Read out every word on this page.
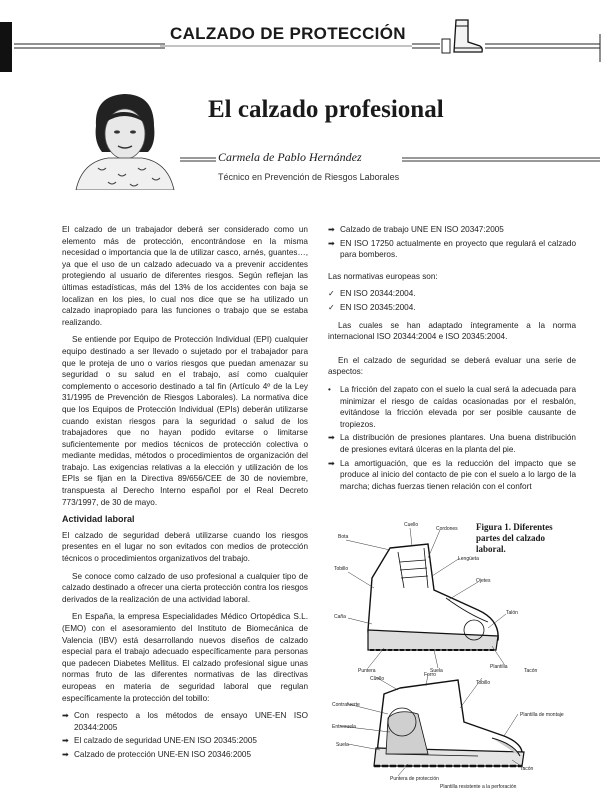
CALZADO DE PROTECCIÓN
El calzado profesional
Carmela de Pablo Hernández
Técnico en Prevención de Riesgos Laborales

El calzado de un trabajador deberá ser considerado como un elemento más de protección, encontrándose en la misma necesidad o importancia que la de utilizar casco, arnés, guantes…, ya que el uso de un calzado adecuado va a prevenir accidentes protegiendo al usuario de diferentes riesgos. Según reflejan las últimas estadísticas, más del 13% de los accidentes con baja se localizan en los pies, lo cual nos dice que se ha utilizado un calzado inapropiado para las funciones o trabajo que se estaba realizando.

Se entiende por Equipo de Protección Individual (EPI) cualquier equipo destinado a ser llevado o sujetado por el trabajador para que le proteja de uno o varios riesgos que puedan amenazar su seguridad o su salud en el trabajo, así como cualquier complemento o accesorio destinado a tal fin (Artículo 4º de la Ley 31/1995 de Prevención de Riesgos Laborales). La normativa dice que los Equipos de Protección Individual (EPIs) deberán utilizarse cuando existan riesgos para la seguridad o salud de los trabajadores que no hayan podido evitarse o limitarse suficientemente por medios técnicos de protección colectiva o mediante medidas, métodos o procedimientos de organización del trabajo. Las exigencias relativas a la elección y utilización de los EPIs se fijan en la Directiva 89/656/CEE de 30 de noviembre, transpuesta al Derecho Interno español por el Real Decreto 773/1997, de 30 de mayo.

Actividad laboral

El calzado de seguridad deberá utilizarse cuando los riesgos presentes en el lugar no son evitados con medios de protección técnicos o procedimientos organizativos del trabajo.

Se conoce como calzado de uso profesional a cualquier tipo de calzado destinado a ofrecer una cierta protección contra los riesgos derivados de la realización de una actividad laboral.

En España, la empresa Especialidades Médico Ortopédica S.L. (EMO) con el asesoramiento del Instituto de Biomecánica de Valencia (IBV) está desarrollando nuevos diseños de calzado especial para el trabajo adecuado específicamente para personas que padecen Diabetes Mellitus. El calzado profesional sigue unas normas fruto de las diferentes normativas de las directivas europeas en materia de seguridad laboral que regulan específicamente la protección del tobillo:

➡ Con respecto a los métodos de ensayo UNE-EN ISO 20344:2005
➡ El calzado de seguridad UNE-EN ISO 20345:2005
➡ Calzado de protección UNE-EN ISO 20346:2005
➡ Calzado de trabajo UNE EN ISO 20347:2005
➡ EN ISO 17250 actualmente en proyecto que regulará el calzado para bomberos.

Las normativas europeas son:

✓ EN ISO 20344:2004.
✓ EN ISO 20345:2004.

Las cuales se han adaptado íntegramente a la norma internacional ISO 20344:2004 e ISO 20345:2004.

En el calzado de seguridad se deberá evaluar una serie de aspectos:

• La fricción del zapato con el suelo la cual será la adecuada para minimizar el riesgo de caídas ocasionadas por el resbalón, evitándose la fricción elevada por ser posible causante de tropiezos.
➡ La distribución de presiones plantares. Una buena distribución de presiones evitará úlceras en la planta del pie.
➡ La amortiguación, que es la reducción del impacto que se produce al inicio del contacto de pie con el suelo a lo largo de la marcha; dichas fuerzas tienen relación con el confort
Figura 1. Diferentes partes del calzado laboral.
Bota
Cuello
Cordones
Tobillo
Lengüeta
Ojetes
Caña
Talón
Puntera	Suela
Plantilla
Tacón
Cuello
Forro
Tobillo
Contrafuerte
Plantilla de montaje
Entresuela
Suela
Puntera de protección
Tacón
Plantilla resistente a la perforación
